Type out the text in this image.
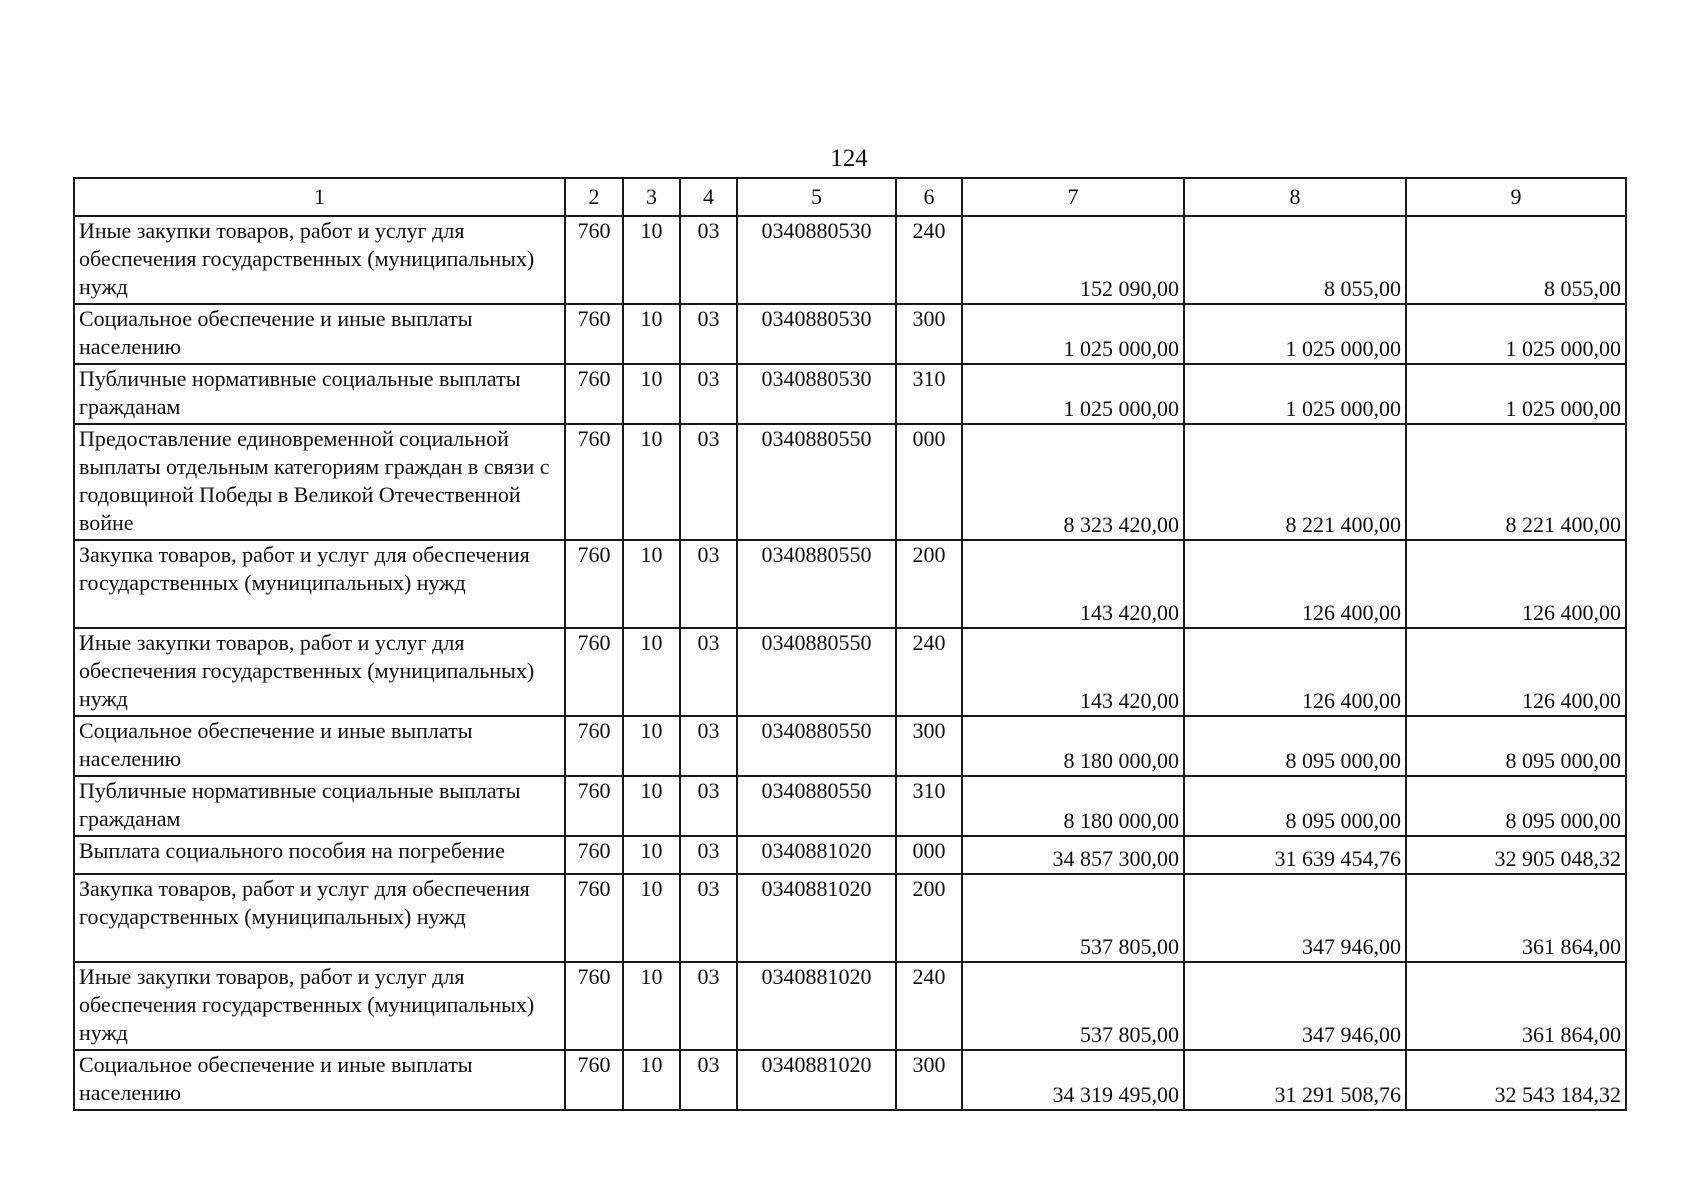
124
1	2	3	4	5	6	7	8	9
Иные закупки товаров, работ и услуг для обеспечения государственных (муниципальных) нужд	760	10	03	0340880530	240	152 090,00	8 055,00	8 055,00
Социальное обеспечение и иные выплаты населению	760	10	03	0340880530	300	1 025 000,00	1 025 000,00	1 025 000,00
Публичные нормативные социальные выплаты гражданам	760	10	03	0340880530	310	1 025 000,00	1 025 000,00	1 025 000,00
Предоставление единовременной социальной выплаты отдельным категориям граждан в связи с годовщиной Победы в Великой Отечественной войне	760	10	03	0340880550	000	8 323 420,00	8 221 400,00	8 221 400,00
Закупка товаров, работ и услуг для обеспечения государственных (муниципальных) нужд	760	10	03	0340880550	200	143 420,00	126 400,00	126 400,00
Иные закупки товаров, работ и услуг для обеспечения государственных (муниципальных) нужд	760	10	03	0340880550	240	143 420,00	126 400,00	126 400,00
Социальное обеспечение и иные выплаты населению	760	10	03	0340880550	300	8 180 000,00	8 095 000,00	8 095 000,00
Публичные нормативные социальные выплаты гражданам	760	10	03	0340880550	310	8 180 000,00	8 095 000,00	8 095 000,00
Выплата социального пособия на погребение	760	10	03	0340881020	000	34 857 300,00	31 639 454,76	32 905 048,32
Закупка товаров, работ и услуг для обеспечения государственных (муниципальных) нужд	760	10	03	0340881020	200	537 805,00	347 946,00	361 864,00
Иные закупки товаров, работ и услуг для обеспечения государственных (муниципальных) нужд	760	10	03	0340881020	240	537 805,00	347 946,00	361 864,00
Социальное обеспечение и иные выплаты населению	760	10	03	0340881020	300	34 319 495,00	31 291 508,76	32 543 184,32
